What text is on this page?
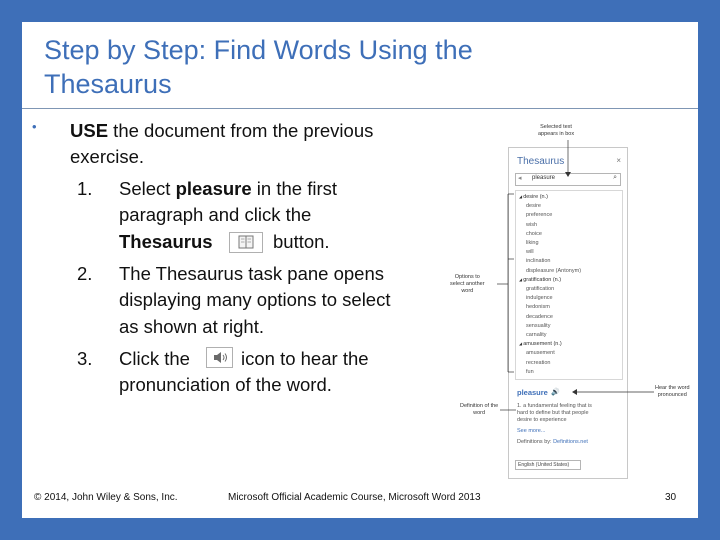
Step by Step: Find Words Using the Thesaurus
• USE the document from the previous
exercise.
1. Select pleasure in the first
paragraph and click the
Thesaurus	button.
2. The Thesaurus task pane opens
displaying many options to select
as shown at right.
3. Click the	icon to hear the
pronunciation of the word.
Thesaurus	×
◂ pleasure	⌕
◢ desire (n.)
desire
preference
wish
choice
liking
will
inclination
displeasure (Antonym)
◢ gratification (n.)
gratification
indulgence
hedonism
decadence
sensuality
carnality
◢ amusement (n.)
amusement
recreation
fun
pleasure 🔊
1. a fundamental feeling that is
hard to define but that people
desire to experience
See more...
Definitions by: Definitions.net
English (United States)
Selected text
appears in box
Options to
select another
word
Definition of the
word
Hear the word
pronounced
© 2014, John Wiley & Sons, Inc.	Microsoft Official Academic Course, Microsoft Word 2013	30
